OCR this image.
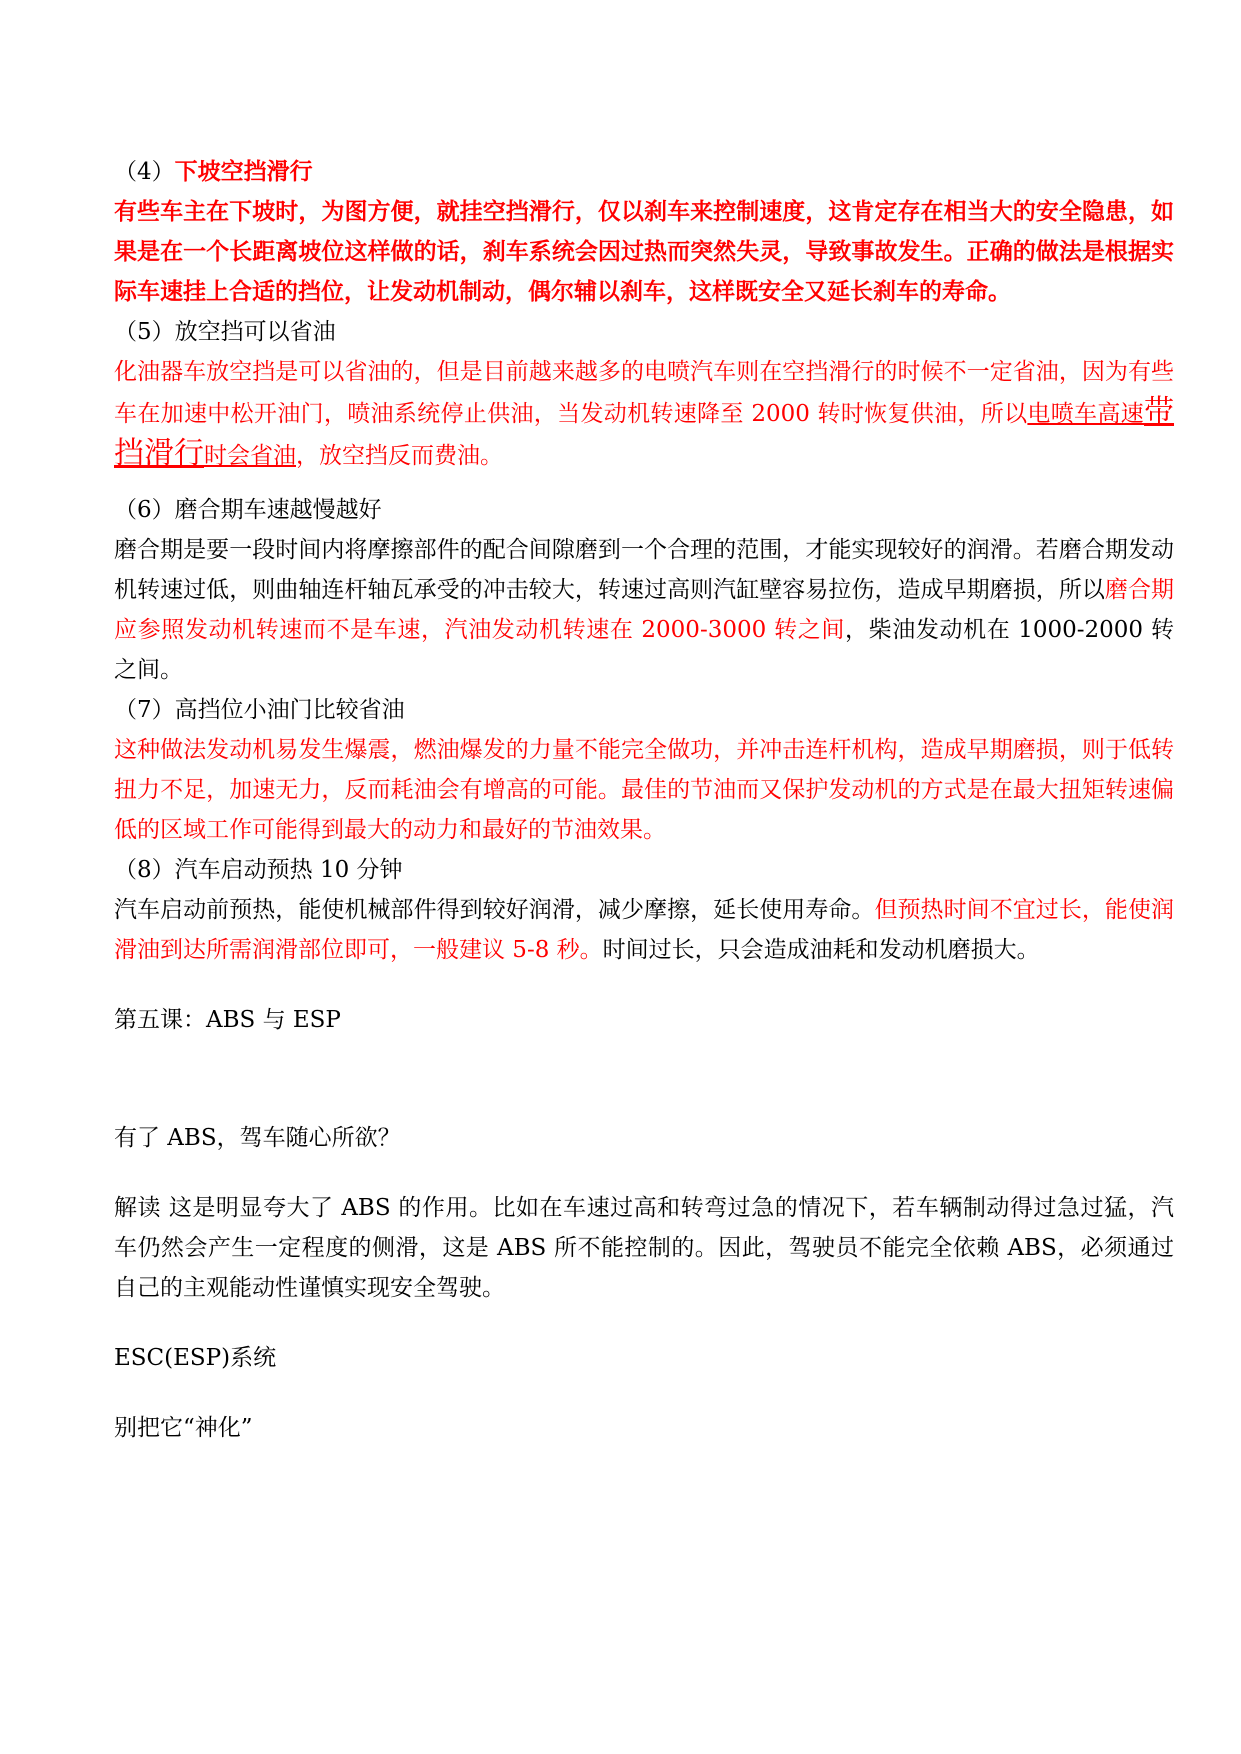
（4）下坡空挡滑行

有些车主在下坡时，为图方便，就挂空挡滑行，仅以刹车来控制速度，这肯定存在相当大的安全隐患，如果是在一个长距离坡位这样做的话，刹车系统会因过热而突然失灵，导致事故发生。正确的做法是根据实际车速挂上合适的挡位，让发动机制动，偶尔辅以刹车，这样既安全又延长刹车的寿命。

（5）放空挡可以省油

化油器车放空挡是可以省油的，但是目前越来越多的电喷汽车则在空挡滑行的时候不一定省油，因为有些车在加速中松开油门，喷油系统停止供油，当发动机转速降至 2000 转时恢复供油，所以电喷车高速带挡滑行时会省油，放空挡反而费油。

（6）磨合期车速越慢越好

磨合期是要一段时间内将摩擦部件的配合间隙磨到一个合理的范围，才能实现较好的润滑。若磨合期发动机转速过低，则曲轴连杆轴瓦承受的冲击较大，转速过高则汽缸壁容易拉伤，造成早期磨损，所以磨合期应参照发动机转速而不是车速，汽油发动机转速在 2000-3000 转之间，柴油发动机在 1000-2000 转之间。

（7）高挡位小油门比较省油

这种做法发动机易发生爆震，燃油爆发的力量不能完全做功，并冲击连杆机构，造成早期磨损，则于低转扭力不足，加速无力，反而耗油会有增高的可能。最佳的节油而又保护发动机的方式是在最大扭矩转速偏低的区域工作可能得到最大的动力和最好的节油效果。

（8）汽车启动预热 10 分钟

汽车启动前预热，能使机械部件得到较好润滑，减少摩擦，延长使用寿命。但预热时间不宜过长，能使润滑油到达所需润滑部位即可，一般建议 5-8 秒。时间过长，只会造成油耗和发动机磨损大。

第五课：ABS 与 ESP

有了 ABS，驾车随心所欲？

解读 这是明显夸大了 ABS 的作用。比如在车速过高和转弯过急的情况下，若车辆制动得过急过猛，汽车仍然会产生一定程度的侧滑，这是 ABS 所不能控制的。因此，驾驶员不能完全依赖 ABS，必须通过自己的主观能动性谨慎实现安全驾驶。

ESC(ESP)系统

别把它“神化”
